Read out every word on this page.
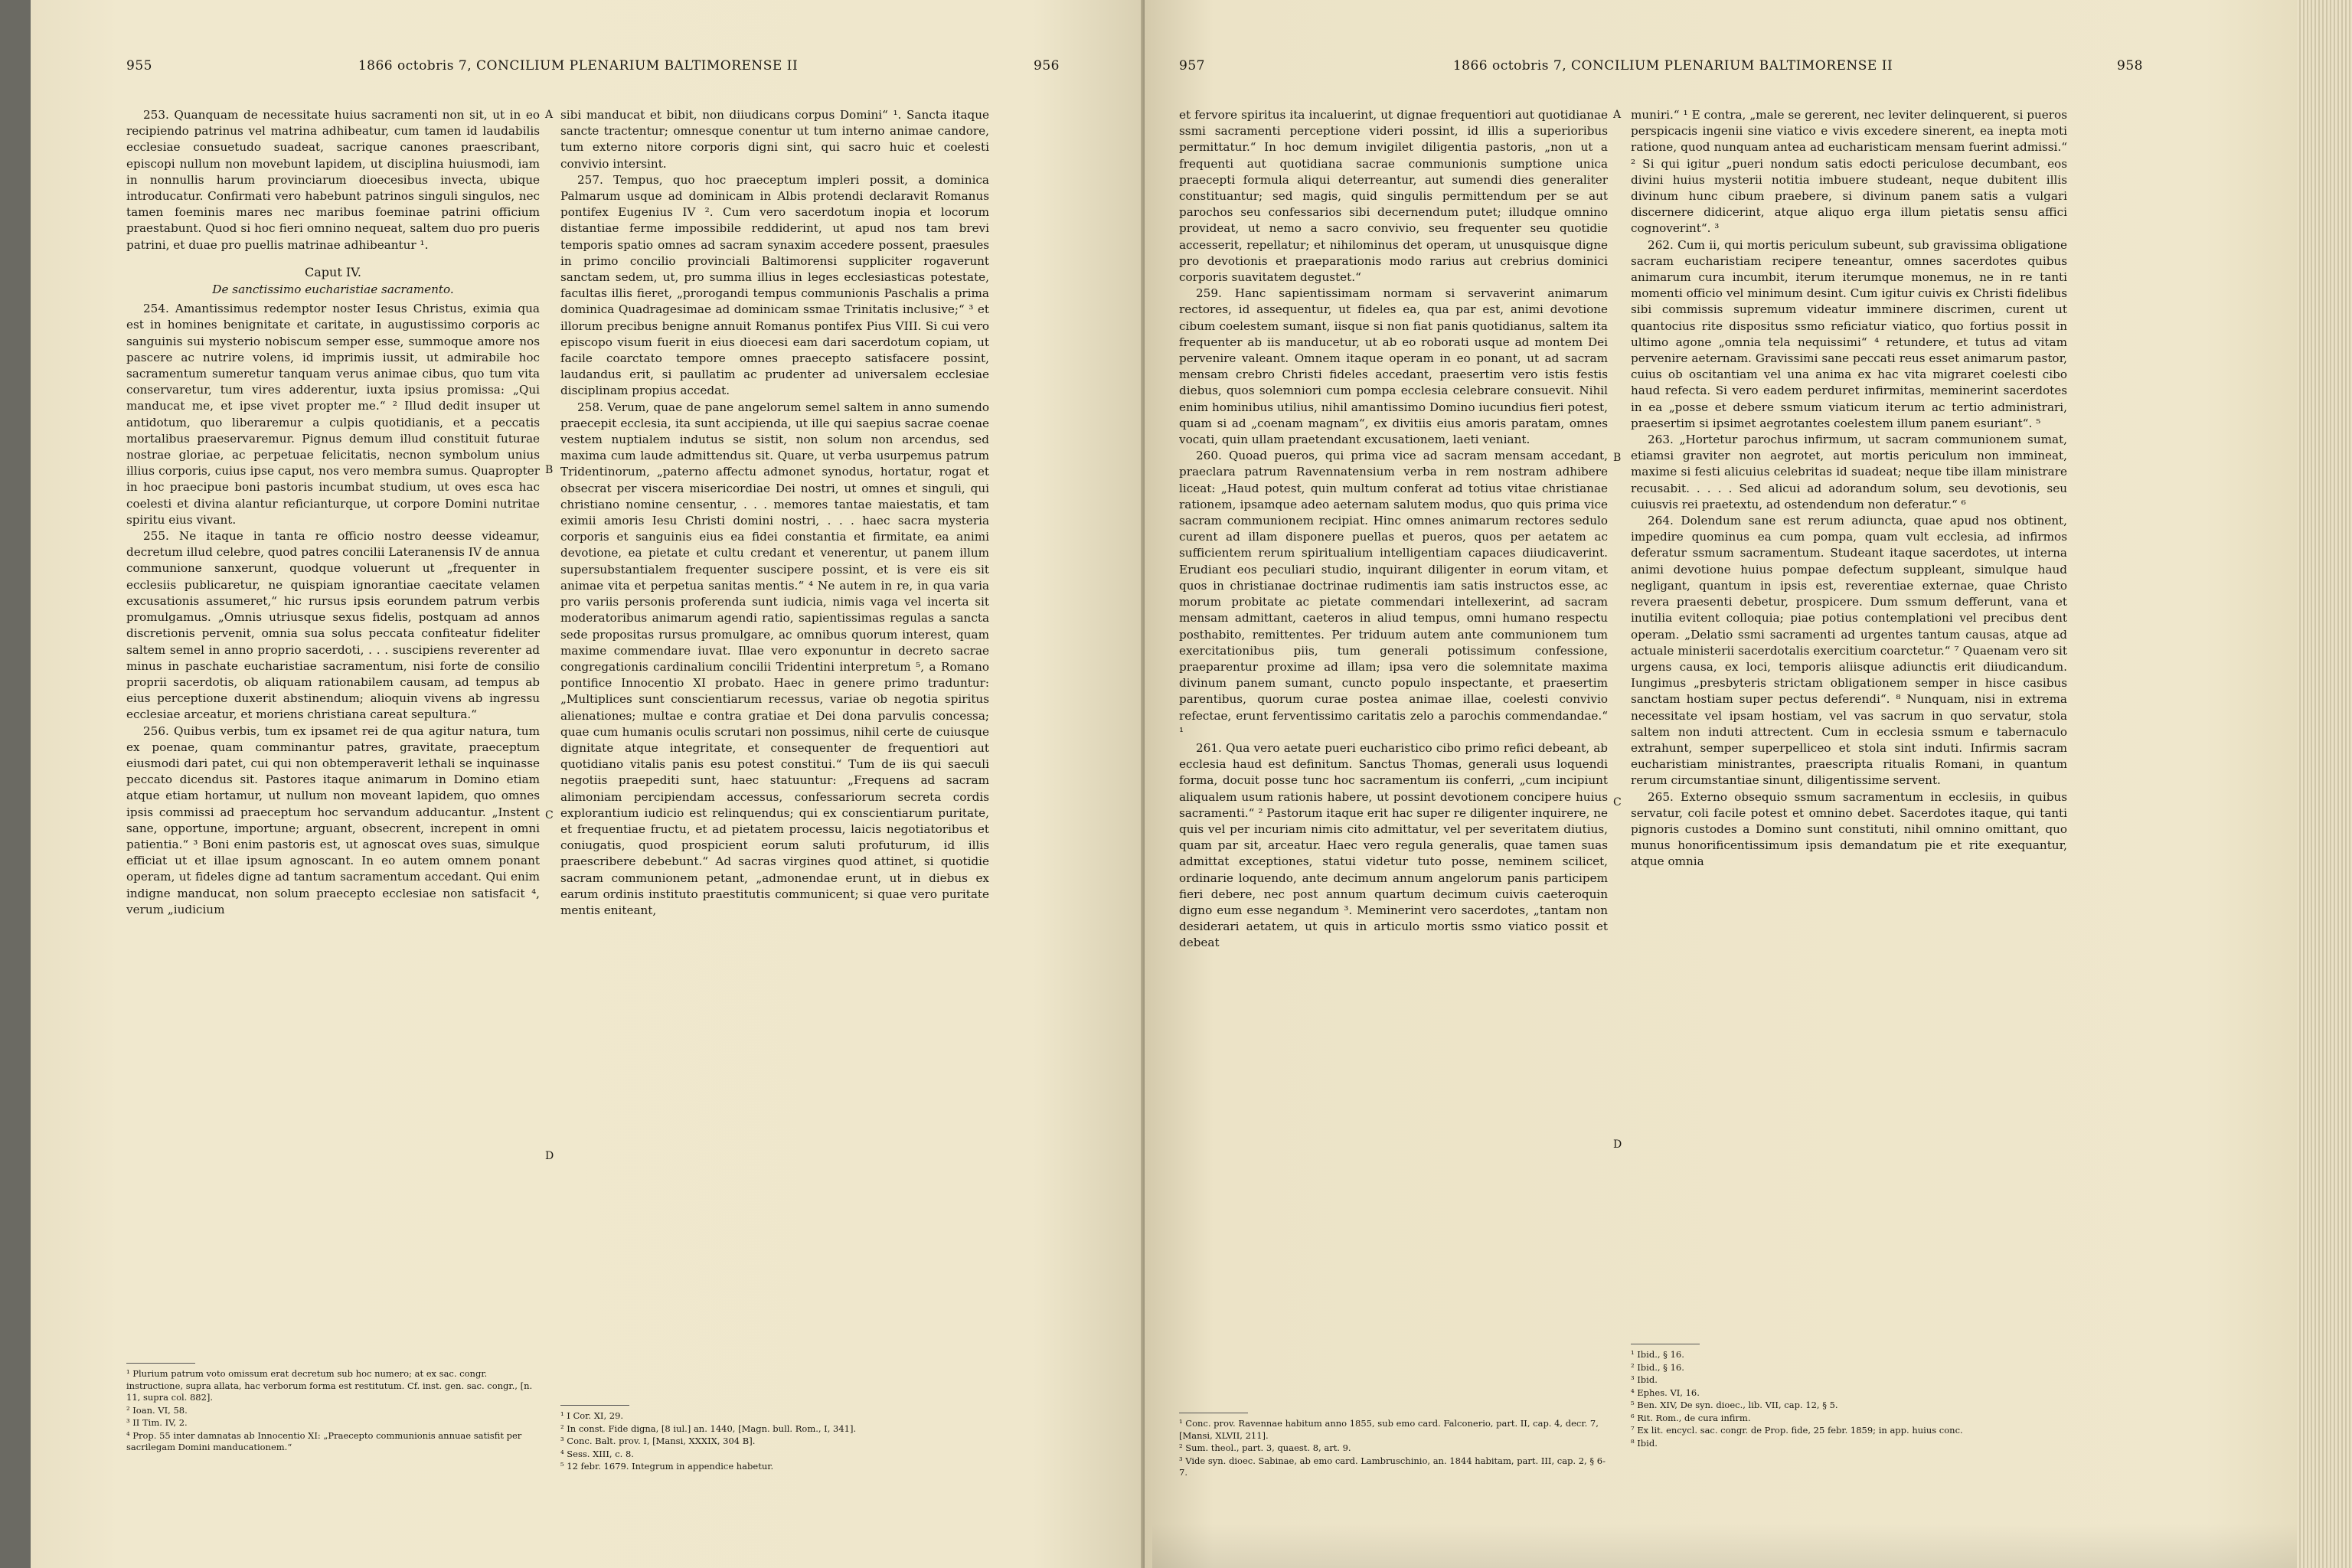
955	1866 octobris 7, CONCILIUM PLENARIUM BALTIMORENSE II	956

253. Quanquam de necessitate huius sacramenti non sit, ut in eo recipiendo patrinus vel matrina adhibeatur, cum tamen id laudabilis ecclesiae consuetudo suadeat, sacrique canones praescribant, episcopi nullum non movebunt lapidem, ut disciplina huiusmodi, iam in nonnullis harum provinciarum dioecesibus invecta, ubique introducatur. Confirmati vero habebunt patrinos singuli singulos, nec tamen foeminis mares nec maribus foeminae patrini officium praestabunt. Quod si hoc fieri omnino nequeat, saltem duo pro pueris patrini, et duae pro puellis matrinae adhibeantur ¹.

Caput IV.

De sanctissimo eucharistiae sacramento.

254. Amantissimus redemptor noster Iesus Christus, eximia qua est in homines benignitate et caritate, in augustissimo corporis ac sanguinis sui mysterio nobiscum semper esse, summoque amore nos pascere ac nutrire volens, id imprimis iussit, ut admirabile hoc sacramentum sumeretur tanquam verus animae cibus, quo tum vita conservaretur, tum vires adderentur, iuxta ipsius promissa: „Qui manducat me, et ipse vivet propter me.“ ² Illud dedit insuper ut antidotum, quo liberaremur a culpis quotidianis, et a peccatis mortalibus praeservaremur. Pignus demum illud constituit futurae nostrae gloriae, ac perpetuae felicitatis, necnon symbolum unius illius corporis, cuius ipse caput, nos vero membra sumus. Quapropter in hoc praecipue boni pastoris incumbat studium, ut oves esca hac coelesti et divina alantur reficianturque, ut corpore Domini nutritae spiritu eius vivant.

255. Ne itaque in tanta re officio nostro deesse videamur, decretum illud celebre, quod patres concilii Lateranensis IV de annua communione sanxerunt, quodque voluerunt ut „frequenter in ecclesiis publicaretur, ne quispiam ignorantiae caecitate velamen excusationis assumeret,“ hic rursus ipsis eorundem patrum verbis promulgamus. „Omnis utriusque sexus fidelis, postquam ad annos discretionis pervenit, omnia sua solus peccata confiteatur fideliter saltem semel in anno proprio sacerdoti, . . . suscipiens reverenter ad minus in paschate eucharistiae sacramentum, nisi forte de consilio proprii sacerdotis, ob aliquam rationabilem causam, ad tempus ab eius perceptione duxerit abstinendum; alioquin vivens ab ingressu ecclesiae arceatur, et moriens christiana careat sepultura.“

256. Quibus verbis, tum ex ipsamet rei de qua agitur natura, tum ex poenae, quam comminantur patres, gravitate, praeceptum eiusmodi dari patet, cui qui non obtemperaverit lethali se inquinasse peccato dicendus sit. Pastores itaque animarum in Domino etiam atque etiam hortamur, ut nullum non moveant lapidem, quo omnes ipsis commissi ad praeceptum hoc servandum adducantur. „Instent sane, opportune, importune; arguant, obsecrent, increpent in omni patientia.“ ³ Boni enim pastoris est, ut agnoscat oves suas, simulque efficiat ut et illae ipsum agnoscant. In eo autem omnem ponant operam, ut fideles digne ad tantum sacramentum accedant. Qui enim indigne manducat, non solum praecepto ecclesiae non satisfacit ⁴, verum „iudicium

¹ Plurium patrum voto omissum erat decretum sub hoc numero; at ex sac. congr. instructione, supra allata, hac verborum forma est restitutum. Cf. inst. gen. sac. congr., [n. 11, supra col. 882].
² Ioan. VI, 58.
³ II Tim. IV, 2.
⁴ Prop. 55 inter damnatas ab Innocentio XI: „Praecepto communionis annuae satisfit per sacrilegam Domini manducationem.“
A
B
C
D

sibi manducat et bibit, non diiudicans corpus Domini“ ¹. Sancta itaque sancte tractentur; omnesque conentur ut tum interno animae candore, tum externo nitore corporis digni sint, qui sacro huic et coelesti convivio intersint.

257. Tempus, quo hoc praeceptum impleri possit, a dominica Palmarum usque ad dominicam in Albis protendi declaravit Romanus pontifex Eugenius IV ². Cum vero sacerdotum inopia et locorum distantiae ferme impossibile reddiderint, ut apud nos tam brevi temporis spatio omnes ad sacram synaxim accedere possent, praesules in primo concilio provinciali Baltimorensi suppliciter rogaverunt sanctam sedem, ut, pro summa illius in leges ecclesiasticas potestate, facultas illis fieret, „prorogandi tempus communionis Paschalis a prima dominica Quadragesimae ad dominicam ssmae Trinitatis inclusive;“ ³ et illorum precibus benigne annuit Romanus pontifex Pius VIII. Si cui vero episcopo visum fuerit in eius dioecesi eam dari sacerdotum copiam, ut facile coarctato tempore omnes praecepto satisfacere possint, laudandus erit, si paullatim ac prudenter ad universalem ecclesiae disciplinam propius accedat.

258. Verum, quae de pane angelorum semel saltem in anno sumendo praecepit ecclesia, ita sunt accipienda, ut ille qui saepius sacrae coenae vestem nuptialem indutus se sistit, non solum non arcendus, sed maxima cum laude admittendus sit. Quare, ut verba usurpemus patrum Tridentinorum, „paterno affectu admonet synodus, hortatur, rogat et obsecrat per viscera misericordiae Dei nostri, ut omnes et singuli, qui christiano nomine censentur, . . . memores tantae maiestatis, et tam eximii amoris Iesu Christi domini nostri, . . . haec sacra mysteria corporis et sanguinis eius ea fidei constantia et firmitate, ea animi devotione, ea pietate et cultu credant et venerentur, ut panem illum supersubstantialem frequenter suscipere possint, et is vere eis sit animae vita et perpetua sanitas mentis.“ ⁴ Ne autem in re, in qua varia pro variis personis proferenda sunt iudicia, nimis vaga vel incerta sit moderatoribus animarum agendi ratio, sapientissimas regulas a sancta sede propositas rursus promulgare, ac omnibus quorum interest, quam maxime commendare iuvat. Illae vero exponuntur in decreto sacrae congregationis cardinalium concilii Tridentini interpretum ⁵, a Romano pontifice Innocentio XI probato. Haec in genere primo traduntur: „Multiplices sunt conscientiarum recessus, variae ob negotia spiritus alienationes; multae e contra gratiae et Dei dona parvulis concessa; quae cum humanis oculis scrutari non possimus, nihil certe de cuiusque dignitate atque integritate, et consequenter de frequentiori aut quotidiano vitalis panis esu potest constitui.“ Tum de iis qui saeculi negotiis praepediti sunt, haec statuuntur: „Frequens ad sacram alimoniam percipiendam accessus, confessariorum secreta cordis explorantium iudicio est relinquendus; qui ex conscientiarum puritate, et frequentiae fructu, et ad pietatem processu, laicis negotiatoribus et coniugatis, quod prospicient eorum saluti profuturum, id illis praescribere debebunt.“ Ad sacras virgines quod attinet, si quotidie sacram communionem petant, „admonendae erunt, ut in diebus ex earum ordinis instituto praestitutis communicent; si quae vero puritate mentis eniteant,

¹ I Cor. XI, 29.
² In const. Fide digna, [8 iul.] an. 1440, [Magn. bull. Rom., I, 341].
³ Conc. Balt. prov. I, [Mansi, XXXIX, 304 B].
⁴ Sess. XIII, c. 8.
⁵ 12 febr. 1679. Integrum in appendice habetur.
957	1866 octobris 7, CONCILIUM PLENARIUM BALTIMORENSE II	958

et fervore spiritus ita incaluerint, ut dignae frequentiori aut quotidianae ssmi sacramenti perceptione videri possint, id illis a superioribus permittatur.“ In hoc demum invigilet diligentia pastoris, „non ut a frequenti aut quotidiana sacrae communionis sumptione unica praecepti formula aliqui deterreantur, aut sumendi dies generaliter constituantur; sed magis, quid singulis permittendum per se aut parochos seu confessarios sibi decernendum putet; illudque omnino provideat, ut nemo a sacro convivio, seu frequenter seu quotidie accesserit, repellatur; et nihilominus det operam, ut unusquisque digne pro devotionis et praeparationis modo rarius aut crebrius dominici corporis suavitatem degustet.“

259. Hanc sapientissimam normam si servaverint animarum rectores, id assequentur, ut fideles ea, qua par est, animi devotione cibum coelestem sumant, iisque si non fiat panis quotidianus, saltem ita frequenter ab iis manducetur, ut ab eo roborati usque ad montem Dei pervenire valeant. Omnem itaque operam in eo ponant, ut ad sacram mensam crebro Christi fideles accedant, praesertim vero istis festis diebus, quos solemniori cum pompa ecclesia celebrare consuevit. Nihil enim hominibus utilius, nihil amantissimo Domino iucundius fieri potest, quam si ad „coenam magnam“, ex divitiis eius amoris paratam, omnes vocati, quin ullam praetendant excusationem, laeti veniant.

260. Quoad pueros, qui prima vice ad sacram mensam accedant, praeclara patrum Ravennatensium verba in rem nostram adhibere liceat: „Haud potest, quin multum conferat ad totius vitae christianae rationem, ipsamque adeo aeternam salutem modus, quo quis prima vice sacram communionem recipiat. Hinc omnes animarum rectores sedulo curent ad illam disponere puellas et pueros, quos per aetatem ac sufficientem rerum spiritualium intelligentiam capaces diiudicaverint. Erudiant eos peculiari studio, inquirant diligenter in eorum vitam, et quos in christianae doctrinae rudimentis iam satis instructos esse, ac morum probitate ac pietate commendari intellexerint, ad sacram mensam admittant, caeteros in aliud tempus, omni humano respectu posthabito, remittentes. Per triduum autem ante communionem tum exercitationibus piis, tum generali potissimum confessione, praeparentur proxime ad illam; ipsa vero die solemnitate maxima divinum panem sumant, cuncto populo inspectante, et praesertim parentibus, quorum curae postea animae illae, coelesti convivio refectae, erunt ferventissimo caritatis zelo a parochis commendandae.“ ¹

261. Qua vero aetate pueri eucharistico cibo primo refici debeant, ab ecclesia haud est definitum. Sanctus Thomas, generali usus loquendi forma, docuit posse tunc hoc sacramentum iis conferri, „cum incipiunt aliqualem usum rationis habere, ut possint devotionem concipere huius sacramenti.“ ² Pastorum itaque erit hac super re diligenter inquirere, ne quis vel per incuriam nimis cito admittatur, vel per severitatem diutius, quam par sit, arceatur. Haec vero regula generalis, quae tamen suas admittat exceptiones, statui videtur tuto posse, neminem scilicet, ordinarie loquendo, ante decimum annum angelorum panis participem fieri debere, nec post annum quartum decimum cuivis caeteroquin digno eum esse negandum ³. Meminerint vero sacerdotes, „tantam non desiderari aetatem, ut quis in articulo mortis ssmo viatico possit et debeat

¹ Conc. prov. Ravennae habitum anno 1855, sub emo card. Falconerio, part. II, cap. 4, decr. 7, [Mansi, XLVII, 211].
² Sum. theol., part. 3, quaest. 8, art. 9.
³ Vide syn. dioec. Sabinae, ab emo card. Lambruschinio, an. 1844 habitam, part. III, cap. 2, § 6-7.
A
B
C
D

muniri.“ ¹ E contra, „male se gererent, nec leviter delinquerent, si pueros perspicacis ingenii sine viatico e vivis excedere sinerent, ea inepta moti ratione, quod nunquam antea ad eucharisticam mensam fuerint admissi.“ ² Si qui igitur „pueri nondum satis edocti periculose decumbant, eos divini huius mysterii notitia imbuere studeant, neque dubitent illis divinum hunc cibum praebere, si divinum panem satis a vulgari discernere didicerint, atque aliquo erga illum pietatis sensu affici cognoverint“. ³

262. Cum ii, qui mortis periculum subeunt, sub gravissima obligatione sacram eucharistiam recipere teneantur, omnes sacerdotes quibus animarum cura incumbit, iterum iterumque monemus, ne in re tanti momenti officio vel minimum desint. Cum igitur cuivis ex Christi fidelibus sibi commissis supremum videatur imminere discrimen, curent ut quantocius rite dispositus ssmo reficiatur viatico, quo fortius possit in ultimo agone „omnia tela nequissimi“ ⁴ retundere, et tutus ad vitam pervenire aeternam. Gravissimi sane peccati reus esset animarum pastor, cuius ob oscitantiam vel una anima ex hac vita migraret coelesti cibo haud refecta. Si vero eadem perduret infirmitas, meminerint sacerdotes in ea „posse et debere ssmum viaticum iterum ac tertio administrari, praesertim si ipsimet aegrotantes coelestem illum panem esuriant“. ⁵

263. „Hortetur parochus infirmum, ut sacram communionem sumat, etiamsi graviter non aegrotet, aut mortis periculum non immineat, maxime si festi alicuius celebritas id suadeat; neque tibe illam ministrare recusabit. . . . . Sed alicui ad adorandum solum, seu devotionis, seu cuiusvis rei praetextu, ad ostendendum non deferatur.“ ⁶

264. Dolendum sane est rerum adiuncta, quae apud nos obtinent, impedire quominus ea cum pompa, quam vult ecclesia, ad infirmos deferatur ssmum sacramentum. Studeant itaque sacerdotes, ut interna animi devotione huius pompae defectum suppleant, simulque haud negligant, quantum in ipsis est, reverentiae externae, quae Christo revera praesenti debetur, prospicere. Dum ssmum defferunt, vana et inutilia evitent colloquia; piae potius contemplationi vel precibus dent operam. „Delatio ssmi sacramenti ad urgentes tantum causas, atque ad actuale ministerii sacerdotalis exercitium coarctetur.“ ⁷ Quaenam vero sit urgens causa, ex loci, temporis aliisque adiunctis erit diiudicandum. Iungimus „presbyteris strictam obligationem semper in hisce casibus sanctam hostiam super pectus deferendi“. ⁸ Nunquam, nisi in extrema necessitate vel ipsam hostiam, vel vas sacrum in quo servatur, stola saltem non induti attrectent. Cum in ecclesia ssmum e tabernaculo extrahunt, semper superpelliceo et stola sint induti. Infirmis sacram eucharistiam ministrantes, praescripta ritualis Romani, in quantum rerum circumstantiae sinunt, diligentissime servent.

265. Externo obsequio ssmum sacramentum in ecclesiis, in quibus servatur, coli facile potest et omnino debet. Sacerdotes itaque, qui tanti pignoris custodes a Domino sunt constituti, nihil omnino omittant, quo munus honorificentissimum ipsis demandatum pie et rite exequantur, atque omnia

¹ Ibid., § 16.
² Ibid., § 16.
³ Ibid.
⁴ Ephes. VI, 16.
⁵ Ben. XIV, De syn. dioec., lib. VII, cap. 12, § 5.
⁶ Rit. Rom., de cura infirm.
⁷ Ex lit. encycl. sac. congr. de Prop. fide, 25 febr. 1859; in app. huius conc.
⁸ Ibid.
